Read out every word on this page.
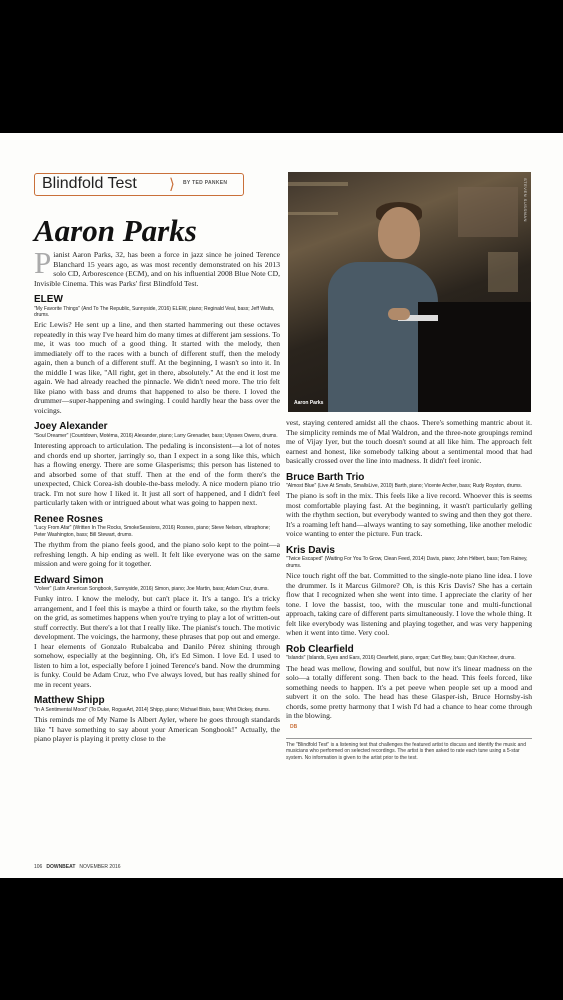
Blindfold Test ⟩ BY TED PANKEN
Aaron Parks
STEVEN SUSSMAN
Aaron Parks

Pianist Aaron Parks, 32, has been a force in jazz since he joined Terence Blanchard 15 years ago, as was most recently demonstrated on his 2013 solo CD, Arborescence (ECM), and on his influential 2008 Blue Note CD, Invisible Cinema. This was Parks' first Blindfold Test.

ELEW

"My Favorite Things" (And To The Republic, Sunnyside, 2016) ELEW, piano; Reginald Veal, bass; Jeff Watts, drums.

Eric Lewis? He sent up a line, and then started hammering out these octaves repeatedly in this way I've heard him do many times at different jam sessions. To me, it was too much of a good thing. It started with the melody, then immediately off to the races with a bunch of different stuff, then the melody again, then a bunch of a different stuff. At the beginning, I wasn't so into it. In the middle I was like, "All right, get in there, absolutely." At the end it lost me again. We had already reached the pinnacle. We didn't need more. The trio felt like piano with bass and drums that happened to also be there. I loved the drummer—super-happening and swinging. I could hardly hear the bass over the voicings.

Joey Alexander

"Soul Dreamer" (Countdown, Motéma, 2016) Alexander, piano; Larry Grenadier, bass; Ulysses Owens, drums.

Interesting approach to articulation. The pedaling is inconsistent—a lot of notes and chords end up shorter, jarringly so, than I expect in a song like this, which has a flowing energy. There are some Glasperisms; this person has listened to and absorbed some of that stuff. Then at the end of the form there's the unexpected, Chick Corea-ish double-the-bass melody. A nice modern piano trio track. I'm not sure how I liked it. It just all sort of happened, and I didn't feel particularly taken with or intrigued about what was going to happen next.

Renee Rosnes

"Lucy From Afar" (Written In The Rocks, SmokeSessions, 2016) Rosnes, piano; Steve Nelson, vibraphone; Peter Washington, bass; Bill Stewart, drums.

The rhythm from the piano feels good, and the piano solo kept to the point—a refreshing length. A hip ending as well. It felt like everyone was on the same mission and were going for it together.

Edward Simon

"Volver" (Latin American Songbook, Sunnyside, 2016) Simon, piano; Joe Martin, bass; Adam Cruz, drums.

Funky intro. I know the melody, but can't place it. It's a tango. It's a tricky arrangement, and I feel this is maybe a third or fourth take, so the rhythm feels on the grid, as sometimes happens when you're trying to play a lot of written-out stuff correctly. But there's a lot that I really like. The pianist's touch. The motivic development. The voicings, the harmony, these phrases that pop out and emerge. I hear elements of Gonzalo Rubalcaba and Danilo Pérez shining through somehow, especially at the beginning. Oh, it's Ed Simon. I love Ed. I used to listen to him a lot, especially before I joined Terence's band. Now the drumming is funky. Could be Adam Cruz, who I've always loved, but has really shined for me in recent years.

Matthew Shipp

"In A Sentimental Mood" (To Duke, RogueArt, 2014) Shipp, piano; Michael Bisio, bass; Whit Dickey, drums.

This reminds me of My Name Is Albert Ayler, where he goes through standards like "I have something to say about your American Songbook!" Actually, the piano player is playing it pretty close to the

vest, staying centered amidst all the chaos. There's something mantric about it. The simplicity reminds me of Mal Waldron, and the three-note groupings remind me of Vijay Iyer, but the touch doesn't sound at all like him. The approach felt earnest and honest, like somebody talking about a sentimental mood that had basically crossed over the line into madness. It didn't feel ironic.

Bruce Barth Trio

"Almost Blue" (Live At Smalls, SmallsLive, 2010) Barth, piano; Vicente Archer, bass; Rudy Royston, drums.

The piano is soft in the mix. This feels like a live record. Whoever this is seems most comfortable playing fast. At the beginning, it wasn't particularly gelling with the rhythm section, but everybody wanted to swing and then they got there. It's a roaming left hand—always wanting to say something, like another melodic voice wanting to enter the picture. Fun track.

Kris Davis

"Twice Escaped" (Waiting For You To Grow, Clean Feed, 2014) Davis, piano; John Hébert, bass; Tom Rainey, drums.

Nice touch right off the bat. Committed to the single-note piano line idea. I love the drummer. Is it Marcus Gilmore? Oh, is this Kris Davis? She has a certain flow that I recognized when she went into time. I appreciate the clarity of her tone. I love the bassist, too, with the muscular tone and multi-functional approach, taking care of different parts simultaneously. I love the whole thing. It felt like everybody was listening and playing together, and was very happening when it went into time. Very cool.

Rob Clearfield

"Islands" (Islands, Eyes and Ears, 2016) Clearfield, piano, organ; Curt Bley, bass; Quin Kirchner, drums.

The head was mellow, flowing and soulful, but now it's linear madness on the solo—a totally different song. Then back to the head. This feels forced, like something needs to happen. It's a pet peeve when people set up a mood and subvert it on the solo. The head has these Glasper-ish, Bruce Hornsby-ish chords, some pretty harmony that I wish I'd had a chance to hear come through in the blowing.

DB

The "Blindfold Test" is a listening test that challenges the featured artist to discuss and identify the music and musicians who performed on selected recordings. The artist is then asked to rate each tune using a 5-star system. No information is given to the artist prior to the test.

106 DOWNBEAT NOVEMBER 2016
